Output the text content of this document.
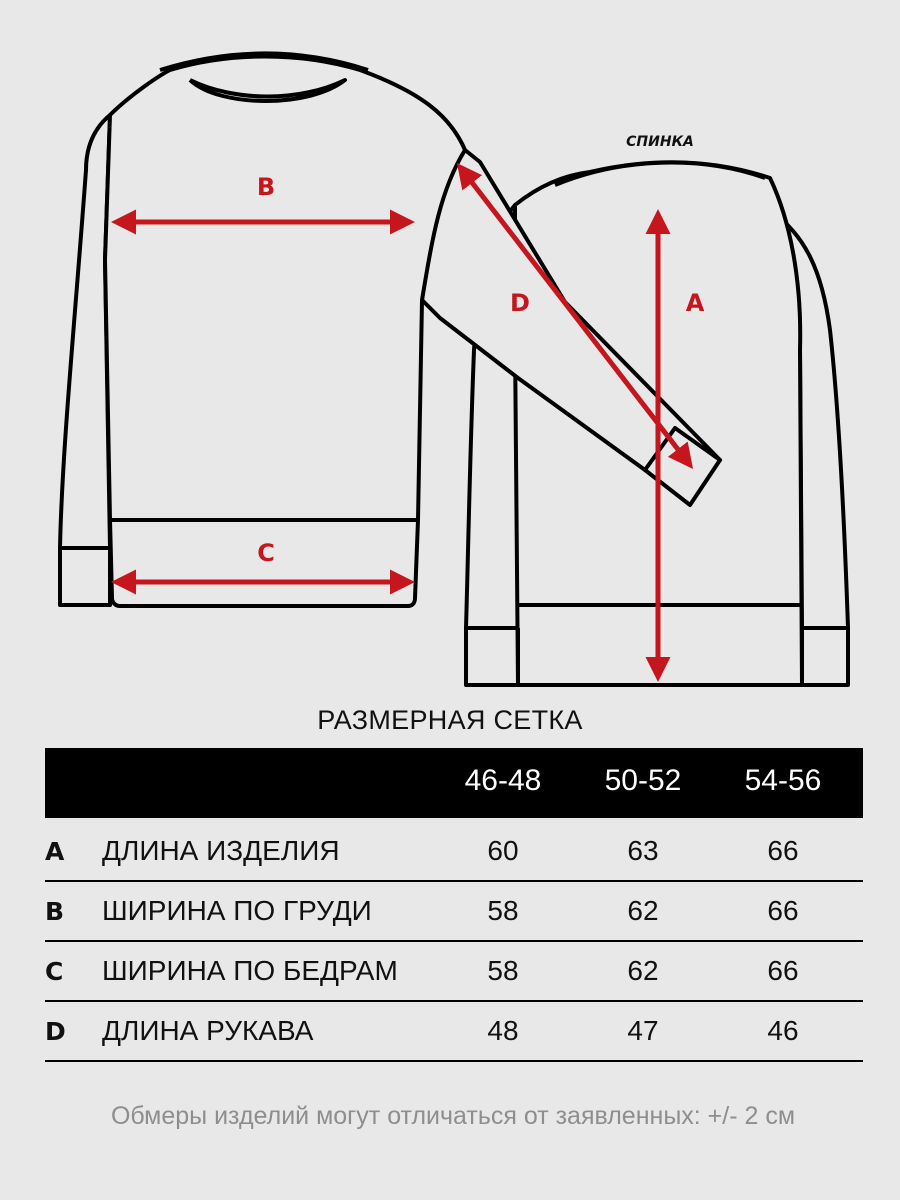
СПИНКА
B
C
D	A
РАЗМЕРНАЯ СЕТКА
46-48	50-52	54-56
A ДЛИНА ИЗДЕЛИЯ	60	63	66
B ШИРИНА ПО ГРУДИ	58	62	66
C ШИРИНА ПО БЕДРАМ	58	62	66
D ДЛИНА РУКАВА	48	47	46
Обмеры изделий могут отличаться от заявленных: +/- 2 см
